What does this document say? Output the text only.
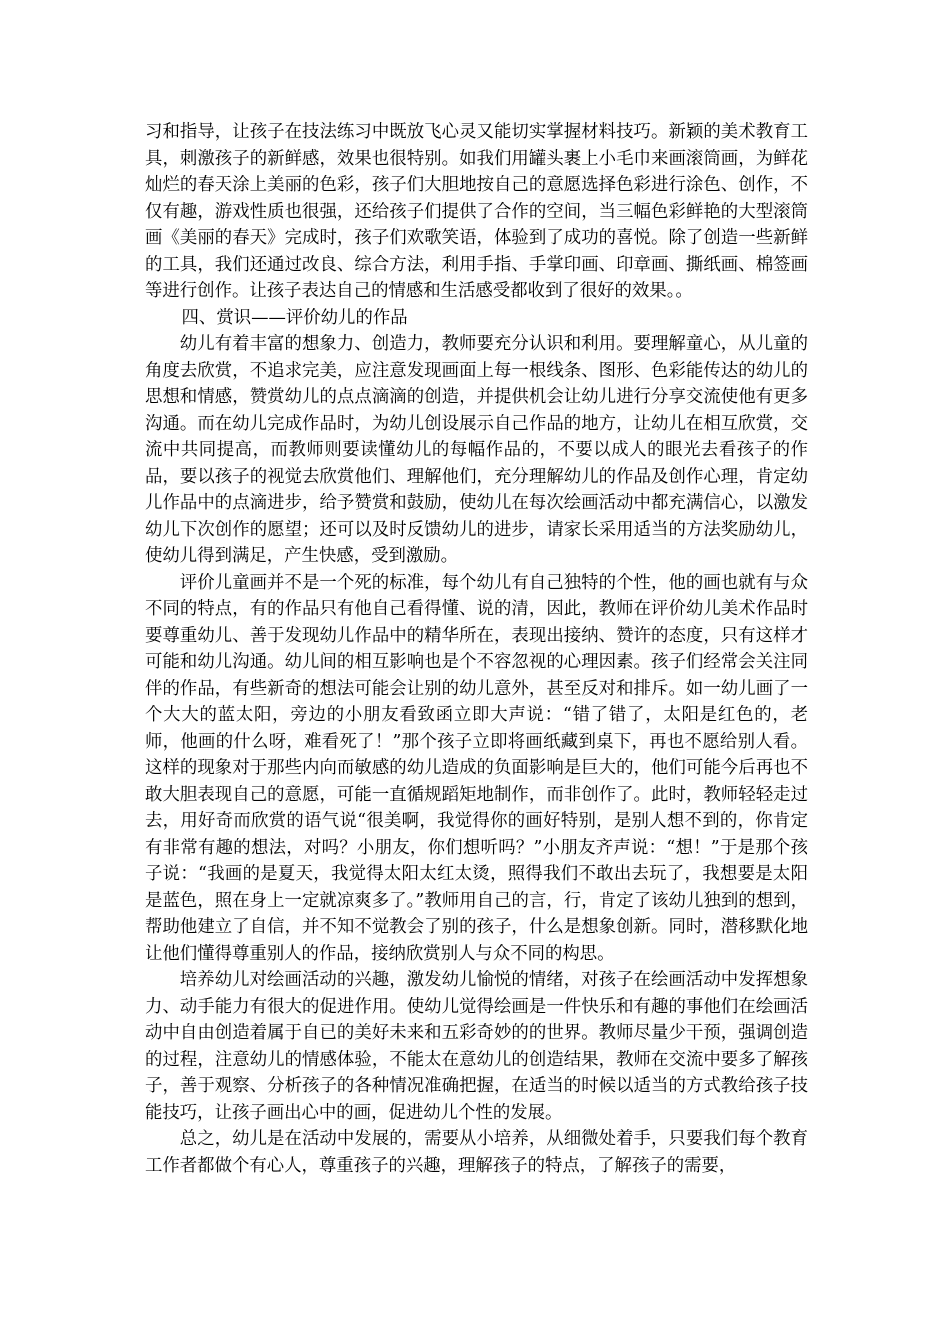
习和指导，让孩子在技法练习中既放飞心灵又能切实掌握材料技巧。新颖的美术教育工具，刺激孩子的新鲜感，效果也很特别。如我们用罐头裹上小毛巾来画滚筒画，为鲜花灿烂的春天涂上美丽的色彩，孩子们大胆地按自己的意愿选择色彩进行涂色、创作，不仅有趣，游戏性质也很强，还给孩子们提供了合作的空间，当三幅色彩鲜艳的大型滚筒画《美丽的春天》完成时，孩子们欢歌笑语，体验到了成功的喜悦。除了创造一些新鲜的工具，我们还通过改良、综合方法，利用手指、手掌印画、印章画、撕纸画、棉签画等进行创作。让孩子表达自己的情感和生活感受都收到了很好的效果。。

四、赏识——评价幼儿的作品

幼儿有着丰富的想象力、创造力，教师要充分认识和利用。要理解童心，从儿童的角度去欣赏，不追求完美，应注意发现画面上每一根线条、图形、色彩能传达的幼儿的思想和情感，赞赏幼儿的点点滴滴的创造，并提供机会让幼儿进行分享交流使他有更多沟通。而在幼儿完成作品时，为幼儿创设展示自己作品的地方，让幼儿在相互欣赏，交流中共同提高，而教师则要读懂幼儿的每幅作品的，不要以成人的眼光去看孩子的作品，要以孩子的视觉去欣赏他们、理解他们，充分理解幼儿的作品及创作心理，肯定幼儿作品中的点滴进步，给予赞赏和鼓励，使幼儿在每次绘画活动中都充满信心，以激发幼儿下次创作的愿望；还可以及时反馈幼儿的进步，请家长采用适当的方法奖励幼儿，使幼儿得到满足，产生快感，受到激励。

评价儿童画并不是一个死的标准，每个幼儿有自己独特的个性，他的画也就有与众不同的特点，有的作品只有他自己看得懂、说的清，因此，教师在评价幼儿美术作品时要尊重幼儿、善于发现幼儿作品中的精华所在，表现出接纳、赞许的态度，只有这样才可能和幼儿沟通。幼儿间的相互影响也是个不容忽视的心理因素。孩子们经常会关注同伴的作品，有些新奇的想法可能会让别的幼儿意外，甚至反对和排斥。如一幼儿画了一个大大的蓝太阳，旁边的小朋友看致函立即大声说：“错了错了，太阳是红色的，老师，他画的什么呀，难看死了！”那个孩子立即将画纸藏到桌下，再也不愿给别人看。这样的现象对于那些内向而敏感的幼儿造成的负面影响是巨大的，他们可能今后再也不敢大胆表现自己的意愿，可能一直循规蹈矩地制作，而非创作了。此时，教师轻轻走过去，用好奇而欣赏的语气说“很美啊，我觉得你的画好特别，是别人想不到的，你肯定有非常有趣的想法，对吗？小朋友，你们想听吗？”小朋友齐声说：“想！”于是那个孩子说：“我画的是夏天，我觉得太阳太红太烫，照得我们不敢出去玩了，我想要是太阳是蓝色，照在身上一定就凉爽多了。”教师用自己的言，行，肯定了该幼儿独到的想到，帮助他建立了自信，并不知不觉教会了别的孩子，什么是想象创新。同时，潜移默化地让他们懂得尊重别人的作品，接纳欣赏别人与众不同的构思。

培养幼儿对绘画活动的兴趣，激发幼儿愉悦的情绪，对孩子在绘画活动中发挥想象力、动手能力有很大的促进作用。使幼儿觉得绘画是一件快乐和有趣的事他们在绘画活动中自由创造着属于自已的美好未来和五彩奇妙的的世界。教师尽量少干预，强调创造的过程，注意幼儿的情感体验，不能太在意幼儿的创造结果，教师在交流中要多了解孩子，善于观察、分析孩子的各种情况准确把握，在适当的时候以适当的方式教给孩子技能技巧，让孩子画出心中的画，促进幼儿个性的发展。

总之，幼儿是在活动中发展的，需要从小培养，从细微处着手，只要我们每个教育工作者都做个有心人，尊重孩子的兴趣，理解孩子的特点，了解孩子的需要，
